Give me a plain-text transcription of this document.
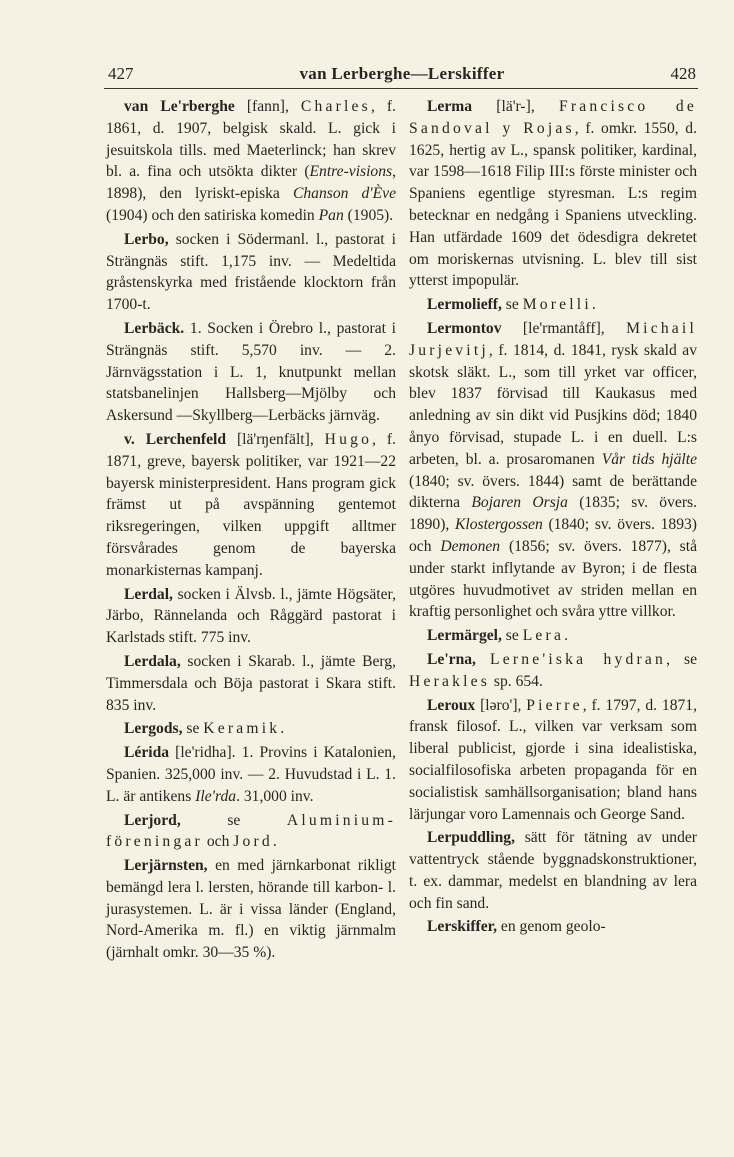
427	van Lerberghe—Lerskiffer	428

van Le'rberghe [fann], Charles, f. 1861, d. 1907, belgisk skald. L. gick i jesuitskola tills. med Maeterlinck; han skrev bl. a. fina och utsökta dikter (Entre-visions, 1898), den lyriskt-episka Chanson d'Ève (1904) och den satiriska komedin Pan (1905).

Lerbo, socken i Södermanl. l., pastorat i Strängnäs stift. 1,175 inv. — Medeltida gråstenskyrka med fristående klocktorn från 1700-t.

Lerbäck. 1. Socken i Örebro l., pastorat i Strängnäs stift. 5,570 inv. — 2. Järnvägsstation i L. 1, knutpunkt mellan statsbanelinjen Hallsberg—Mjölby och Askersund —Skyllberg—Lerbäcks järnväg.

v. Lerchenfeld [lä'rŋenfält], Hugo, f. 1871, greve, bayersk politiker, var 1921—22 bayersk ministerpresident. Hans program gick främst ut på avspänning gentemot riksregeringen, vilken uppgift alltmer försvårades genom de bayerska monarkisternas kampanj.

Lerdal, socken i Älvsb. l., jämte Högsäter, Järbo, Rännelanda och Råggärd pastorat i Karlstads stift. 775 inv.

Lerdala, socken i Skarab. l., jämte Berg, Timmersdala och Böja pastorat i Skara stift. 835 inv.

Lergods, se Keramik.

Lérida [le'ridha]. 1. Provins i Katalonien, Spanien. 325,000 inv. — 2. Huvudstad i L. 1. L. är antikens Ile'rda. 31,000 inv.

Lerjord, se Aluminium-föreningar och Jord.

Lerjärnsten, en med järnkarbonat rikligt bemängd lera l. lersten, hörande till karbon- l. jurasystemen. L. är i vissa länder (England, Nord-Amerika m. fl.) en viktig järnmalm (järnhalt omkr. 30—35 %).

Lerma [lä'r-], Francisco de Sandoval y Rojas, f. omkr. 1550, d. 1625, hertig av L., spansk politiker, kardinal, var 1598—1618 Filip III:s förste minister och Spaniens egentlige styresman. L:s regim betecknar en nedgång i Spaniens utveckling. Han utfärdade 1609 det ödesdigra dekretet om moriskernas utvisning. L. blev till sist ytterst impopulär.

Lermolieff, se Morelli.

Lermontov [le'rmantåff], Michail Jurjevitj, f. 1814, d. 1841, rysk skald av skotsk släkt. L., som till yrket var officer, blev 1837 förvisad till Kaukasus med anledning av sin dikt vid Pusjkins död; 1840 ånyo förvisad, stupade L. i en duell. L:s arbeten, bl. a. prosaromanen Vår tids hjälte (1840; sv. övers. 1844) samt de berättande dikterna Bojaren Orsja (1835; sv. övers. 1890), Klostergossen (1840; sv. övers. 1893) och Demonen (1856; sv. övers. 1877), stå under starkt inflytande av Byron; i de flesta utgöres huvudmotivet av striden mellan en kraftig personlighet och svåra yttre villkor.

Lermärgel, se Lera.

Le'rna, Lerne'iska hydran, se Herakles sp. 654.

Leroux [ləro'], Pierre, f. 1797, d. 1871, fransk filosof. L., vilken var verksam som liberal publicist, gjorde i sina idealistiska, socialfilosofiska arbeten propaganda för en socialistisk samhällsorganisation; bland hans lärjungar voro Lamennais och George Sand.

Lerpuddling, sätt för tätning av under vattentryck stående byggnadskonstruktioner, t. ex. dammar, medelst en blandning av lera och fin sand.

Lerskiffer, en genom geolo-
